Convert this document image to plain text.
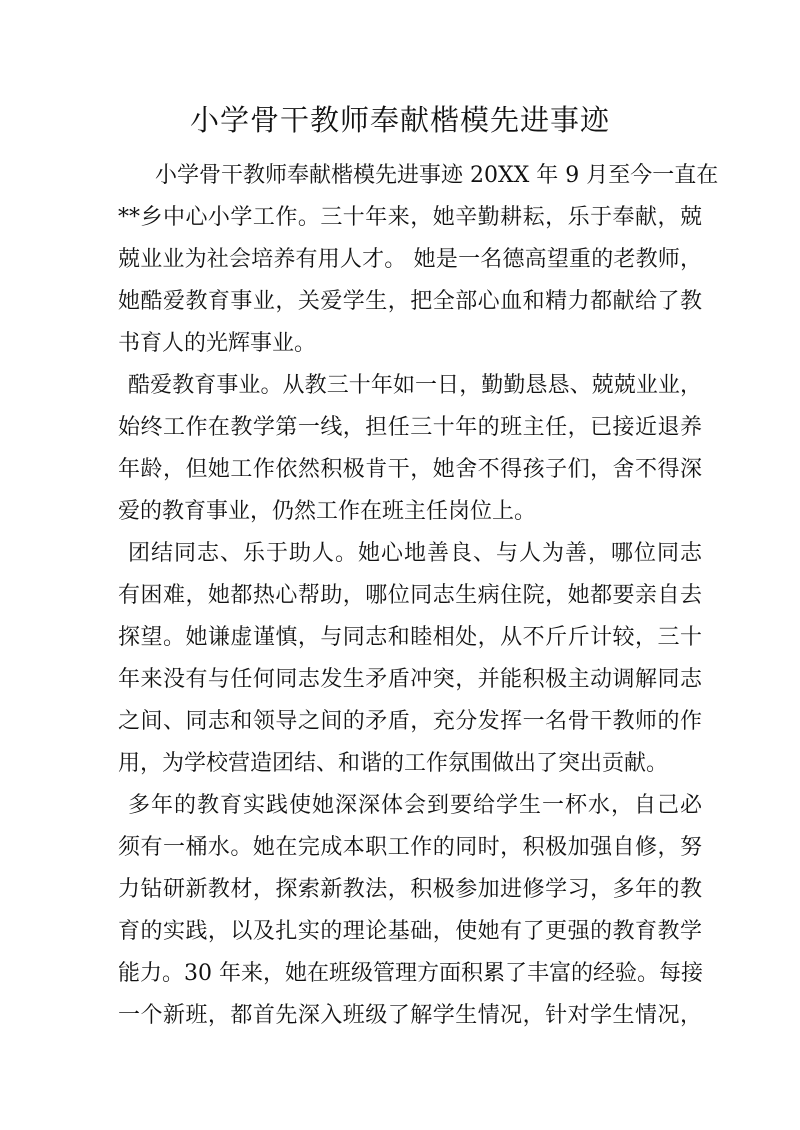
小学骨干教师奉献楷模先进事迹
小学骨干教师奉献楷模先进事迹 20XX 年 9 月至今一直在
**乡中心小学工作。三十年来，她辛勤耕耘，乐于奉献，兢
兢业业为社会培养有用人才。 她是一名德高望重的老教师，
她酷爱教育事业，关爱学生，把全部心血和精力都献给了教
书育人的光辉事业。
酷爱教育事业。从教三十年如一日，勤勤恳恳、兢兢业业，
始终工作在教学第一线，担任三十年的班主任，已接近退养
年龄，但她工作依然积极肯干，她舍不得孩子们，舍不得深
爱的教育事业，仍然工作在班主任岗位上。
团结同志、乐于助人。她心地善良、与人为善，哪位同志
有困难，她都热心帮助，哪位同志生病住院，她都要亲自去
探望。她谦虚谨慎，与同志和睦相处，从不斤斤计较，三十
年来没有与任何同志发生矛盾冲突，并能积极主动调解同志
之间、同志和领导之间的矛盾，充分发挥一名骨干教师的作
用，为学校营造团结、和谐的工作氛围做出了突出贡献。
多年的教育实践使她深深体会到要给学生一杯水，自己必
须有一桶水。她在完成本职工作的同时，积极加强自修，努
力钻研新教材，探索新教法，积极参加进修学习，多年的教
育的实践，以及扎实的理论基础，使她有了更强的教育教学
能力。30 年来，她在班级管理方面积累了丰富的经验。每接
一个新班，都首先深入班级了解学生情况，针对学生情况，
